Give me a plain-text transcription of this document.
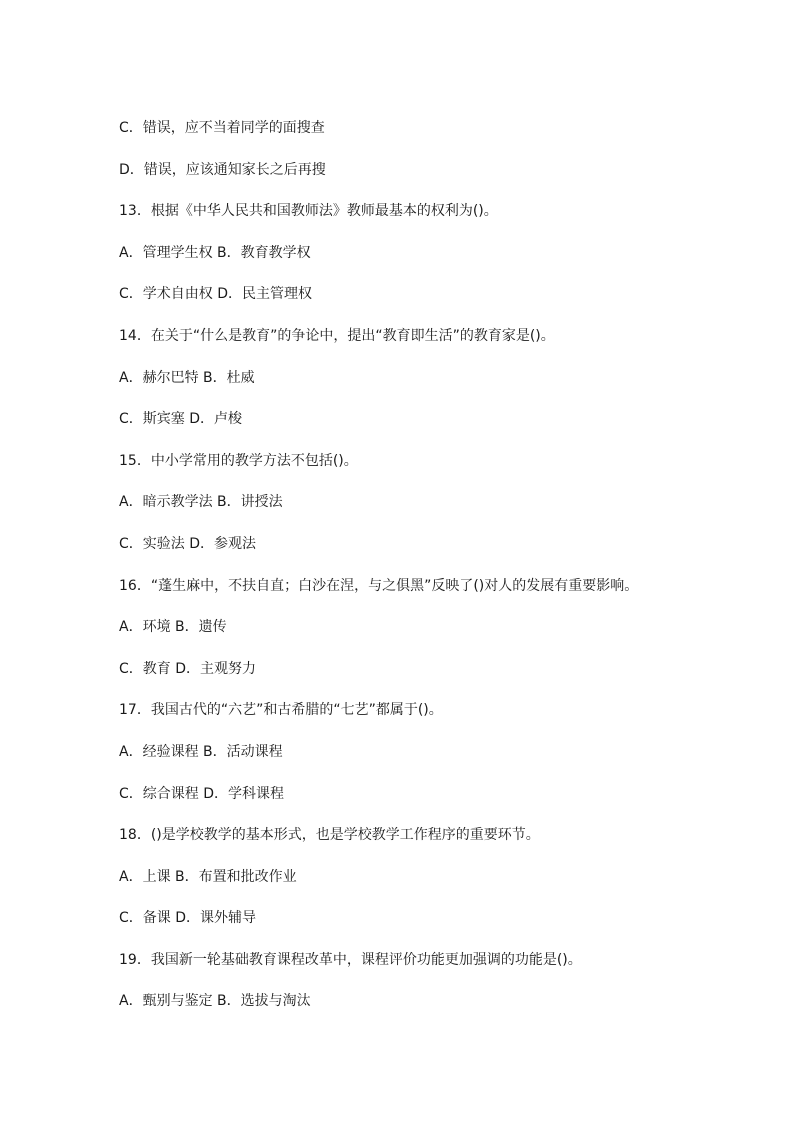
C．错误，应不当着同学的面搜查
D．错误，应该通知家长之后再搜
13．根据《中华人民共和国教师法》教师最基本的权利为()。
A．管理学生权 B．教育教学权
C．学术自由权 D．民主管理权
14．在关于“什么是教育”的争论中，提出“教育即生活”的教育家是()。
A．赫尔巴特 B．杜威
C．斯宾塞 D．卢梭
15．中小学常用的教学方法不包括()。
A．暗示教学法 B．讲授法
C．实验法 D．参观法
16．“蓬生麻中，不扶自直；白沙在涅，与之俱黑”反映了()对人的发展有重要影响。
A．环境 B．遗传
C．教育 D．主观努力
17．我国古代的“六艺”和古希腊的“七艺”都属于()。
A．经验课程 B．活动课程
C．综合课程 D．学科课程
18．()是学校教学的基本形式，也是学校教学工作程序的重要环节。
A．上课 B．布置和批改作业
C．备课 D．课外辅导
19．我国新一轮基础教育课程改革中，课程评价功能更加强调的功能是()。
A．甄别与鉴定 B．选拔与淘汰
